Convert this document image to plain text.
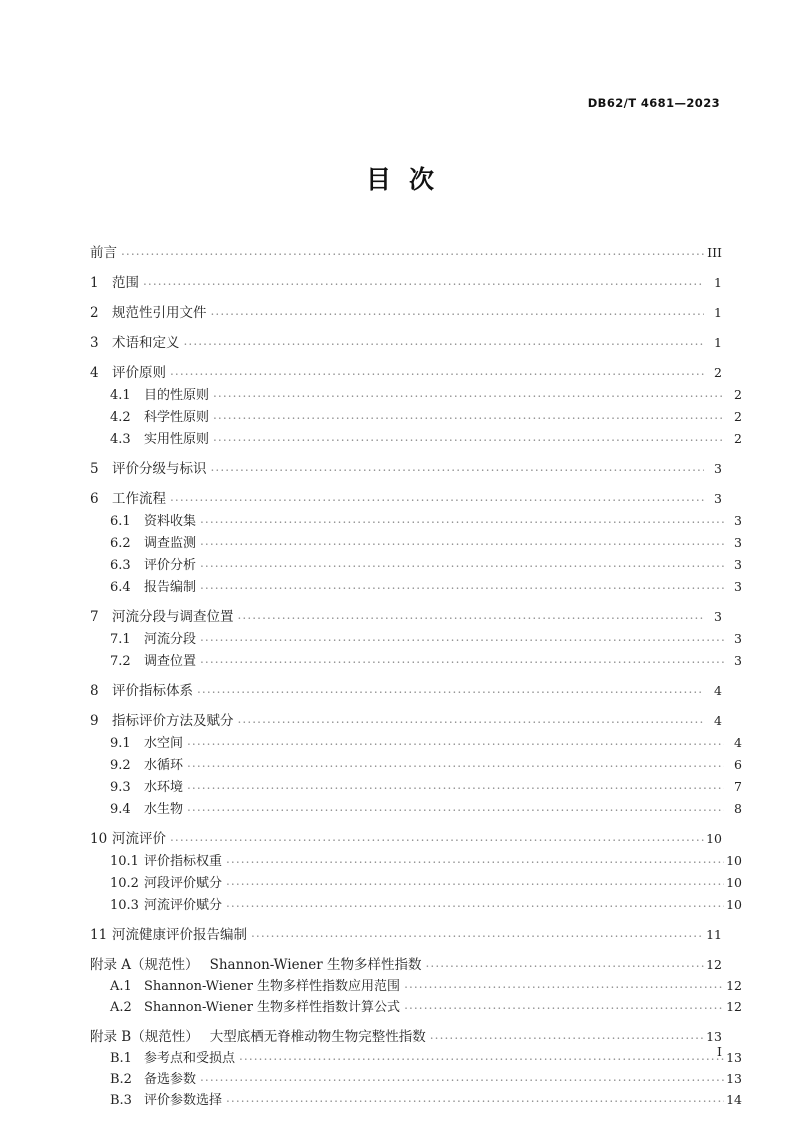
DB62/T 4681—2023
目次
前言 .....	III
1 范围 .....	1
2 规范性引用文件 .....	1
3 术语和定义 .....	1
4 评价原则 .....	2
4.1	目的性原则 .....	2
4.2	科学性原则 .....	2
4.3	实用性原则 .....	2
5 评价分级与标识 .....	3
6 工作流程 .....	3
6.1	资料收集 .....	3
6.2	调查监测 .....	3
6.3	评价分析 .....	3
6.4	报告编制 .....	3
7 河流分段与调查位置 .....	3
7.1	河流分段 .....	3
7.2	调查位置 .....	3
8 评价指标体系 .....	4
9 指标评价方法及赋分 .....	4
9.1	水空间 .....	4
9.2	水循环 .....	6
9.3	水环境 .....	7
9.4	水生物 .....	8
10 河流评价 .....	10
10.1 评价指标权重 .....	10
10.2 河段评价赋分 .....	10
10.3 河流评价赋分 .....	10
11 河流健康评价报告编制 .....	11
附录 A（规范性）　 Shannon-Wiener 生物多样性指数 .....	12
A.1 Shannon-Wiener 生物多样性指数应用范围 .....	12
A.2 Shannon-Wiener 生物多样性指数计算公式 .....	12
附录 B（规范性）　 大型底栖无脊椎动物生物完整性指数 .....	13
B.1 参考点和受损点 .....	13
B.2 备选参数 .....	13
B.3 评价参数选择 .....	14
I
